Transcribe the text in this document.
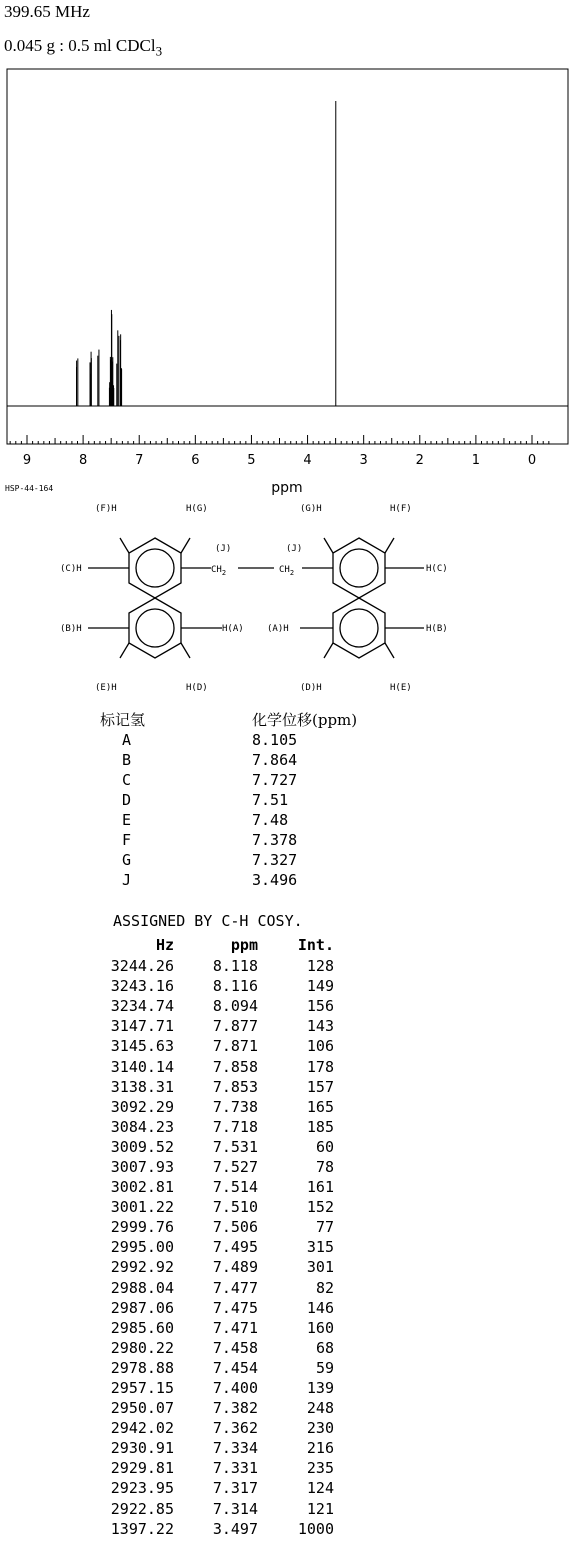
399.65 MHz
0.045 g : 0.5 ml CDCl$_3$
9	8	7	6	5	4	3	2	1	0
ppm
HSP-44-164
(F)H	H(G)	(G)H	H(F)
(J)	(J)
$CH_2$	$CH_2$
(C)H	H(C)
(B)H	H(A)	(A)H	H(B)
(E)H	H(D)	(D)H	H(E)
标记氢	化学位移(ppm)
A	8.105
B	7.864
C	7.727
D	7.51
E	7.48
F	7.378
G	7.327
J	3.496
ASSIGNED BY C-H COSY.
Hz	ppm	Int.
3244.26	8.118	128
3243.16	8.116	149
3234.74	8.094	156
3147.71	7.877	143
3145.63	7.871	106
3140.14	7.858	178
3138.31	7.853	157
3092.29	7.738	165
3084.23	7.718	185
3009.52	7.531	60
3007.93	7.527	78
3002.81	7.514	161
3001.22	7.510	152
2999.76	7.506	77
2995.00	7.495	315
2992.92	7.489	301
2988.04	7.477	82
2987.06	7.475	146
2985.60	7.471	160
2980.22	7.458	68
2978.88	7.454	59
2957.15	7.400	139
2950.07	7.382	248
2942.02	7.362	230
2930.91	7.334	216
2929.81	7.331	235
2923.95	7.317	124
2922.85	7.314	121
1397.22	3.497	1000
